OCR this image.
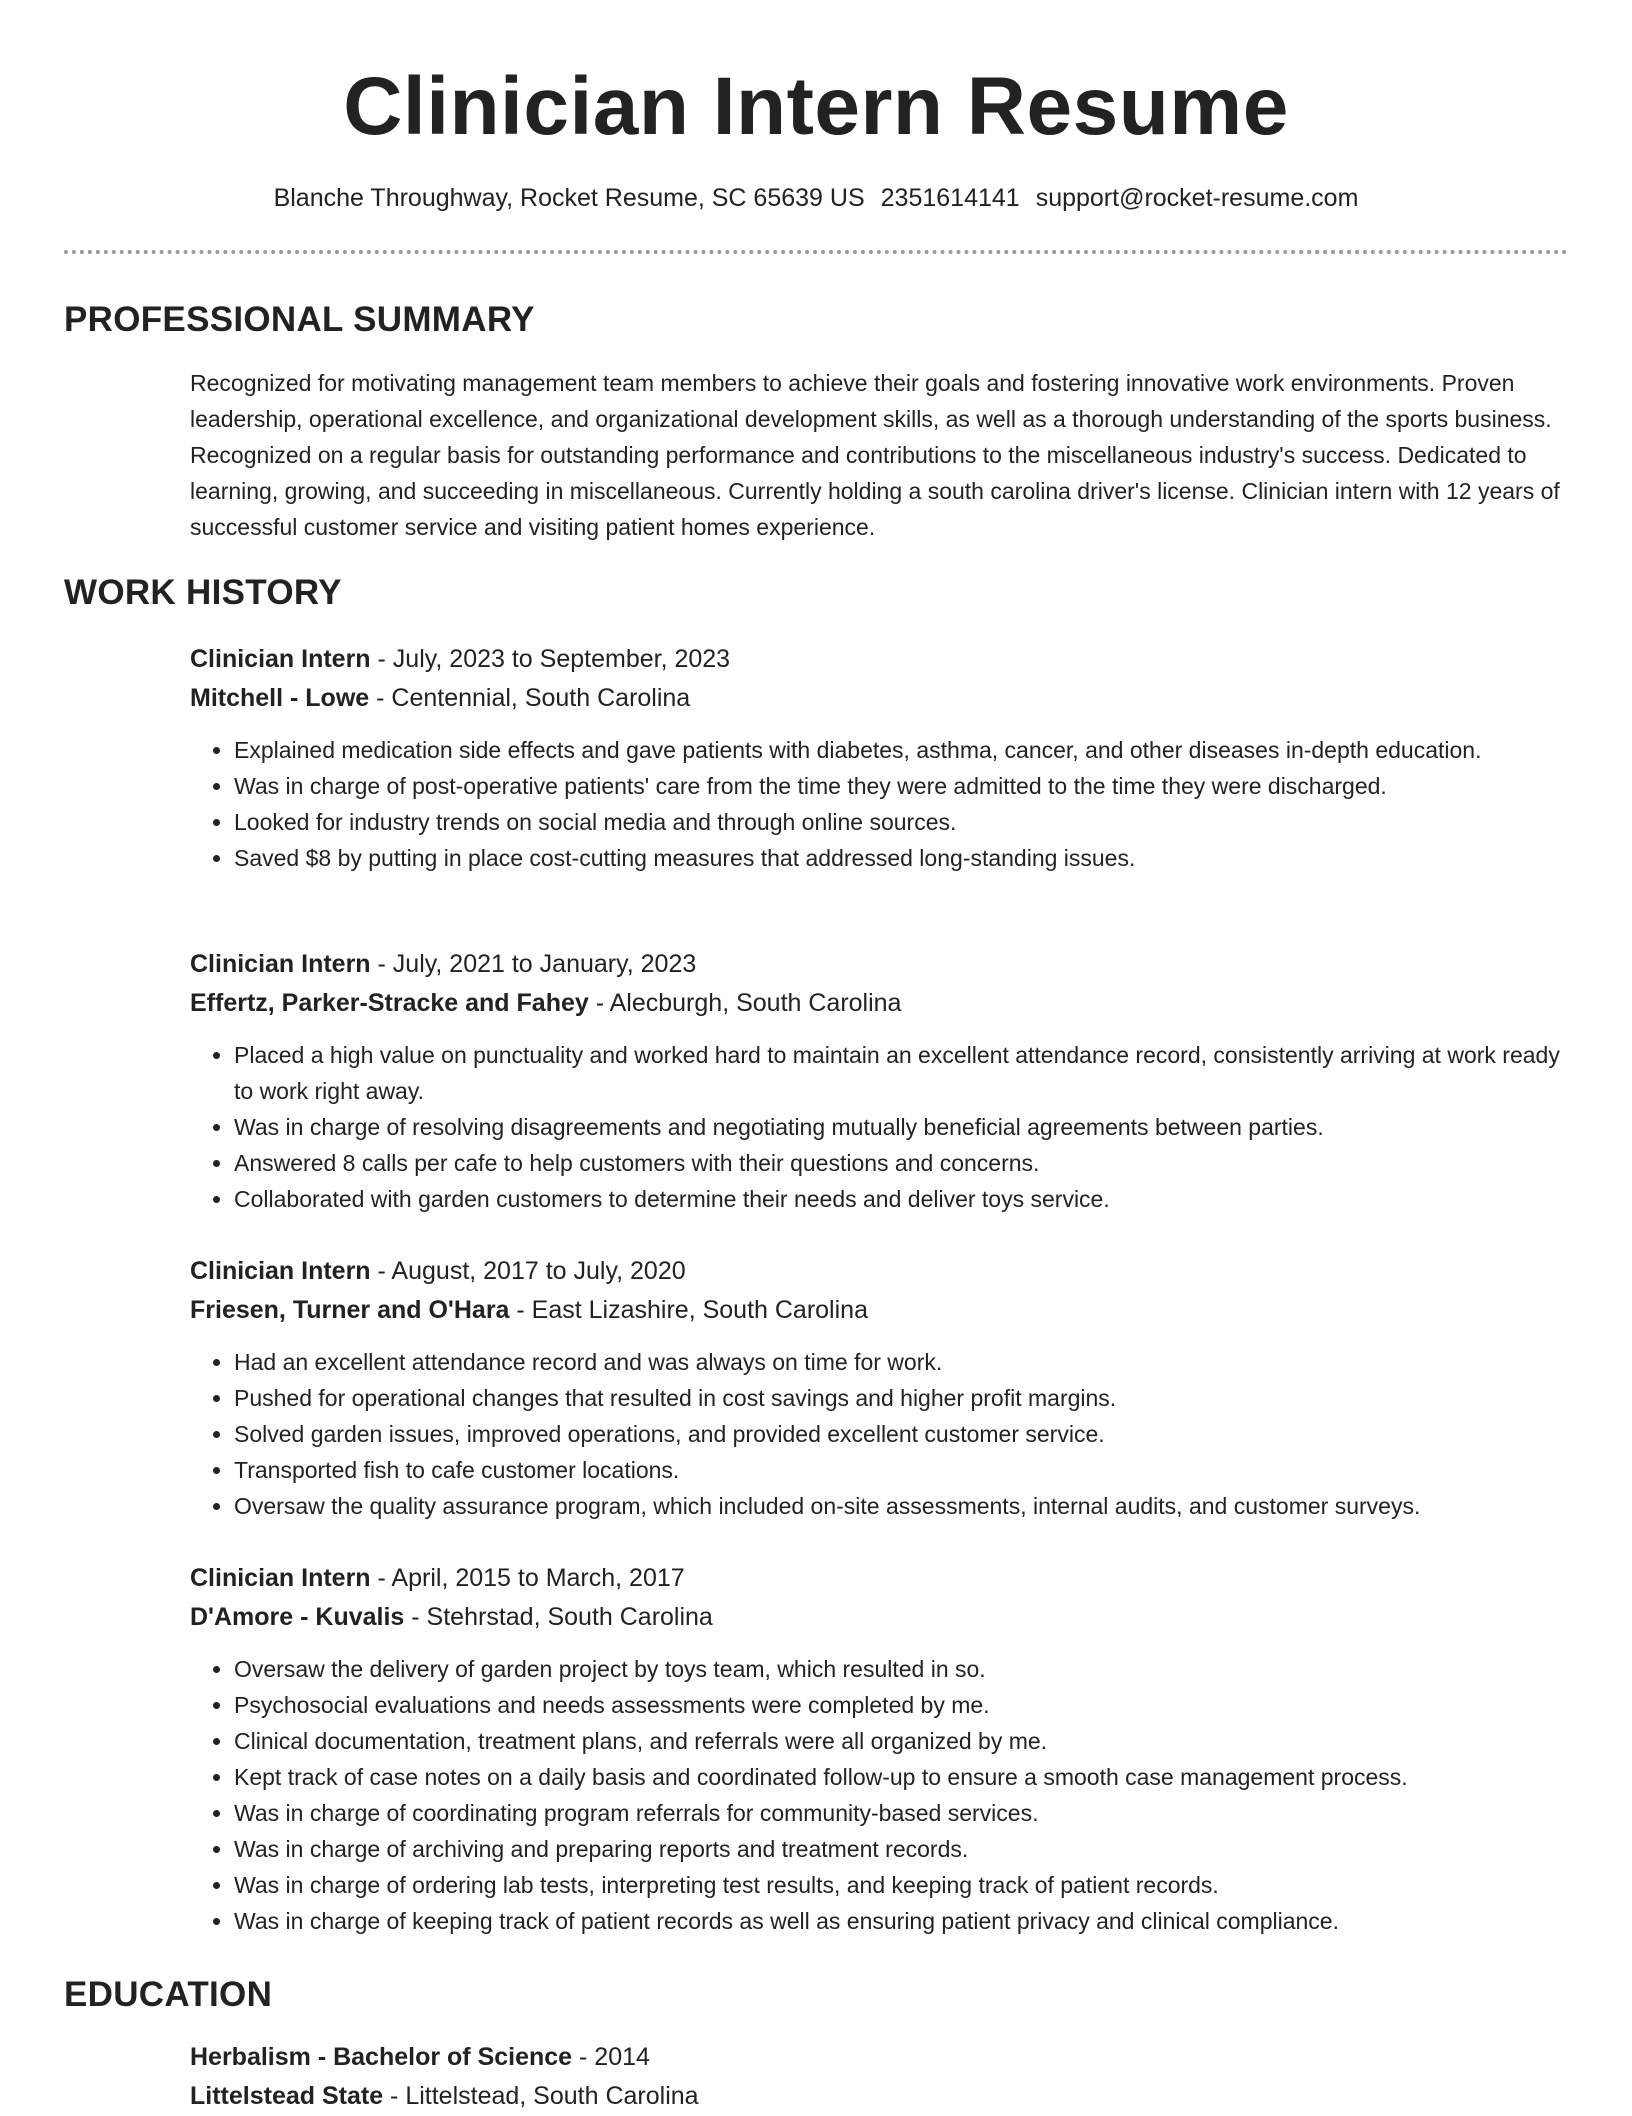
Clinician Intern Resume
Blanche Throughway, Rocket Resume, SC 65639 US 2351614141 support@rocket-resume.com
PROFESSIONAL SUMMARY
Recognized for motivating management team members to achieve their goals and fostering innovative work environments. Proven leadership, operational excellence, and organizational development skills, as well as a thorough understanding of the sports business. Recognized on a regular basis for outstanding performance and contributions to the miscellaneous industry's success. Dedicated to learning, growing, and succeeding in miscellaneous. Currently holding a south carolina driver's license. Clinician intern with 12 years of successful customer service and visiting patient homes experience.
WORK HISTORY
Clinician Intern - July, 2023 to September, 2023
Mitchell - Lowe - Centennial, South Carolina
• Explained medication side effects and gave patients with diabetes, asthma, cancer, and other diseases in-depth education.
• Was in charge of post-operative patients' care from the time they were admitted to the time they were discharged.
• Looked for industry trends on social media and through online sources.
• Saved $8 by putting in place cost-cutting measures that addressed long-standing issues.
Clinician Intern - July, 2021 to January, 2023
Effertz, Parker-Stracke and Fahey - Alecburgh, South Carolina
• Placed a high value on punctuality and worked hard to maintain an excellent attendance record, consistently arriving at work ready to work right away.
• Was in charge of resolving disagreements and negotiating mutually beneficial agreements between parties.
• Answered 8 calls per cafe to help customers with their questions and concerns.
• Collaborated with garden customers to determine their needs and deliver toys service.
Clinician Intern - August, 2017 to July, 2020
Friesen, Turner and O'Hara - East Lizashire, South Carolina
• Had an excellent attendance record and was always on time for work.
• Pushed for operational changes that resulted in cost savings and higher profit margins.
• Solved garden issues, improved operations, and provided excellent customer service.
• Transported fish to cafe customer locations.
• Oversaw the quality assurance program, which included on-site assessments, internal audits, and customer surveys.
Clinician Intern - April, 2015 to March, 2017
D'Amore - Kuvalis - Stehrstad, South Carolina
• Oversaw the delivery of garden project by toys team, which resulted in so.
• Psychosocial evaluations and needs assessments were completed by me.
• Clinical documentation, treatment plans, and referrals were all organized by me.
• Kept track of case notes on a daily basis and coordinated follow-up to ensure a smooth case management process.
• Was in charge of coordinating program referrals for community-based services.
• Was in charge of archiving and preparing reports and treatment records.
• Was in charge of ordering lab tests, interpreting test results, and keeping track of patient records.
• Was in charge of keeping track of patient records as well as ensuring patient privacy and clinical compliance.
EDUCATION
Herbalism - Bachelor of Science - 2014
Littelstead State - Littelstead, South Carolina
